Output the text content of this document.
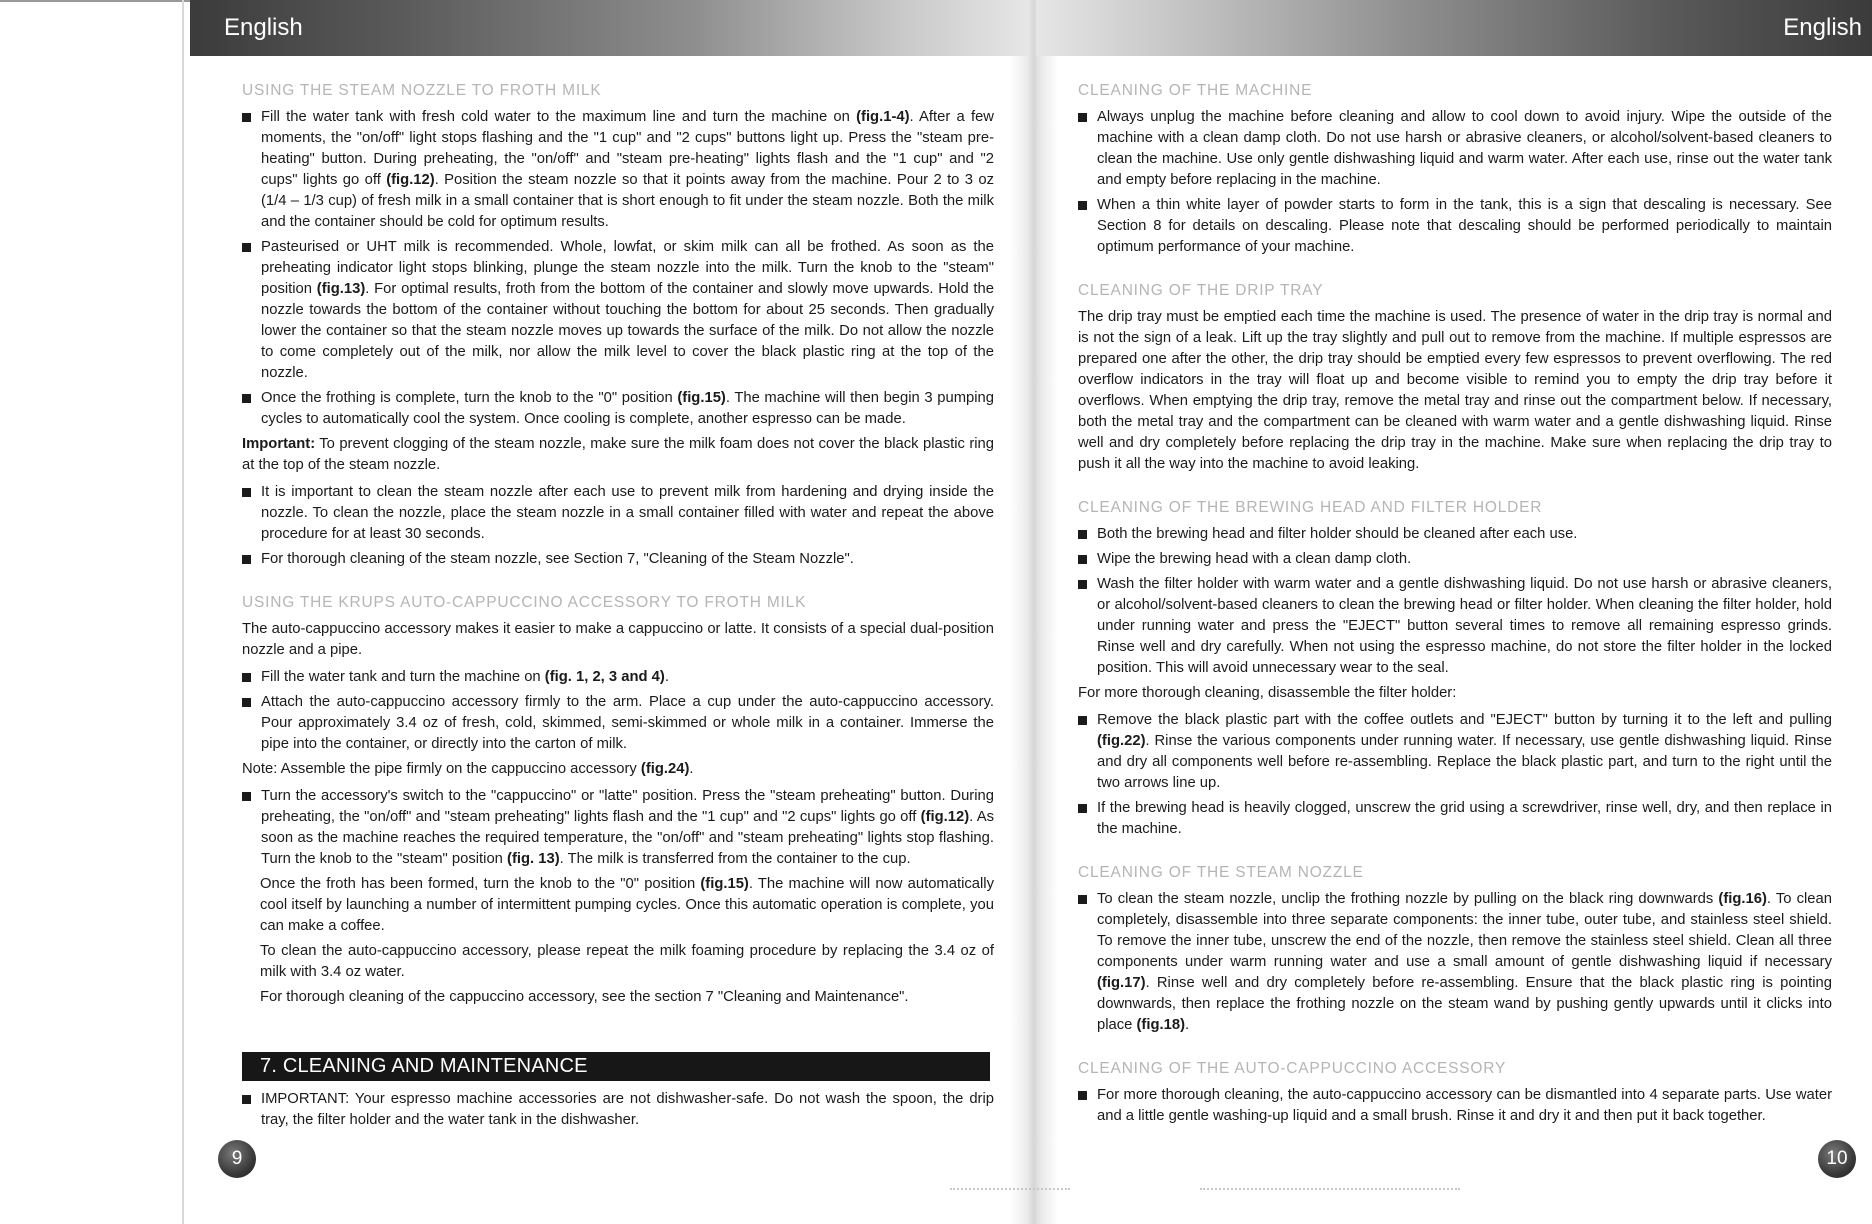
English	English
USING THE STEAM NOZZLE TO FROTH MILK
Fill the water tank with fresh cold water to the maximum line and turn the machine on (fig.1-4). After a few moments, the "on/off" light stops flashing and the "1 cup" and "2 cups" buttons light up. Press the "steam pre-heating" button. During preheating, the "on/off" and "steam pre-heating" lights flash and the "1 cup" and "2 cups" lights go off (fig.12). Position the steam nozzle so that it points away from the machine. Pour 2 to 3 oz (1/4 – 1/3 cup) of fresh milk in a small container that is short enough to fit under the steam nozzle. Both the milk and the container should be cold for optimum results.
Pasteurised or UHT milk is recommended. Whole, lowfat, or skim milk can all be frothed. As soon as the preheating indicator light stops blinking, plunge the steam nozzle into the milk. Turn the knob to the "steam" position (fig.13). For optimal results, froth from the bottom of the container and slowly move upwards. Hold the nozzle towards the bottom of the container without touching the bottom for about 25 seconds. Then gradually lower the container so that the steam nozzle moves up towards the surface of the milk. Do not allow the nozzle to come completely out of the milk, nor allow the milk level to cover the black plastic ring at the top of the nozzle.
Once the frothing is complete, turn the knob to the "0" position (fig.15). The machine will then begin 3 pumping cycles to automatically cool the system. Once cooling is complete, another espresso can be made.

Important: To prevent clogging of the steam nozzle, make sure the milk foam does not cover the black plastic ring at the top of the steam nozzle.

It is important to clean the steam nozzle after each use to prevent milk from hardening and drying inside the nozzle. To clean the nozzle, place the steam nozzle in a small container filled with water and repeat the above procedure for at least 30 seconds.
For thorough cleaning of the steam nozzle, see Section 7, "Cleaning of the Steam Nozzle".
USING THE KRUPS AUTO-CAPPUCCINO ACCESSORY TO FROTH MILK

The auto-cappuccino accessory makes it easier to make a cappuccino or latte. It consists of a special dual-position nozzle and a pipe.

Fill the water tank and turn the machine on (fig. 1, 2, 3 and 4).
Attach the auto-cappuccino accessory firmly to the arm. Place a cup under the auto-cappuccino accessory. Pour approximately 3.4 oz of fresh, cold, skimmed, semi-skimmed or whole milk in a container. Immerse the pipe into the container, or directly into the carton of milk.

Note: Assemble the pipe firmly on the cappuccino accessory (fig.24).

Turn the accessory's switch to the "cappuccino" or "latte" position. Press the "steam preheating" button. During preheating, the "on/off" and "steam preheating" lights flash and the "1 cup" and "2 cups" lights go off (fig.12). As soon as the machine reaches the required temperature, the "on/off" and "steam preheating" lights stop flashing. Turn the knob to the "steam" position (fig. 13). The milk is transferred from the container to the cup.

Once the froth has been formed, turn the knob to the "0" position (fig.15). The machine will now automatically cool itself by launching a number of intermittent pumping cycles. Once this automatic operation is complete, you can make a coffee.

To clean the auto-cappuccino accessory, please repeat the milk foaming procedure by replacing the 3.4 oz of milk with 3.4 oz water.

For thorough cleaning of the cappuccino accessory, see the section 7 "Cleaning and Maintenance".

7. CLEANING AND MAINTENANCE
IMPORTANT: Your espresso machine accessories are not dishwasher-safe. Do not wash the spoon, the drip tray, the filter holder and the water tank in the dishwasher.
9
CLEANING OF THE MACHINE
Always unplug the machine before cleaning and allow to cool down to avoid injury. Wipe the outside of the machine with a clean damp cloth. Do not use harsh or abrasive cleaners, or alcohol/solvent-based cleaners to clean the machine. Use only gentle dishwashing liquid and warm water. After each use, rinse out the water tank and empty before replacing in the machine.
When a thin white layer of powder starts to form in the tank, this is a sign that descaling is necessary. See Section 8 for details on descaling. Please note that descaling should be performed periodically to maintain optimum performance of your machine.
CLEANING OF THE DRIP TRAY

The drip tray must be emptied each time the machine is used. The presence of water in the drip tray is normal and is not the sign of a leak. Lift up the tray slightly and pull out to remove from the machine. If multiple espressos are prepared one after the other, the drip tray should be emptied every few espressos to prevent overflowing. The red overflow indicators in the tray will float up and become visible to remind you to empty the drip tray before it overflows. When emptying the drip tray, remove the metal tray and rinse out the compartment below. If necessary, both the metal tray and the compartment can be cleaned with warm water and a gentle dishwashing liquid. Rinse well and dry completely before replacing the drip tray in the machine. Make sure when replacing the drip tray to push it all the way into the machine to avoid leaking.

CLEANING OF THE BREWING HEAD AND FILTER HOLDER
Both the brewing head and filter holder should be cleaned after each use.
Wipe the brewing head with a clean damp cloth.
Wash the filter holder with warm water and a gentle dishwashing liquid. Do not use harsh or abrasive cleaners, or alcohol/solvent-based cleaners to clean the brewing head or filter holder. When cleaning the filter holder, hold under running water and press the "EJECT" button several times to remove all remaining espresso grinds. Rinse well and dry carefully. When not using the espresso machine, do not store the filter holder in the locked position. This will avoid unnecessary wear to the seal.

For more thorough cleaning, disassemble the filter holder:

Remove the black plastic part with the coffee outlets and "EJECT" button by turning it to the left and pulling (fig.22). Rinse the various components under running water. If necessary, use gentle dishwashing liquid. Rinse and dry all components well before re-assembling. Replace the black plastic part, and turn to the right until the two arrows line up.
If the brewing head is heavily clogged, unscrew the grid using a screwdriver, rinse well, dry, and then replace in the machine.
CLEANING OF THE STEAM NOZZLE
To clean the steam nozzle, unclip the frothing nozzle by pulling on the black ring downwards (fig.16). To clean completely, disassemble into three separate components: the inner tube, outer tube, and stainless steel shield. To remove the inner tube, unscrew the end of the nozzle, then remove the stainless steel shield. Clean all three components under warm running water and use a small amount of gentle dishwashing liquid if necessary (fig.17). Rinse well and dry completely before re-assembling. Ensure that the black plastic ring is pointing downwards, then replace the frothing nozzle on the steam wand by pushing gently upwards until it clicks into place (fig.18).
CLEANING OF THE AUTO-CAPPUCCINO ACCESSORY
For more thorough cleaning, the auto-cappuccino accessory can be dismantled into 4 separate parts. Use water and a little gentle washing-up liquid and a small brush. Rinse it and dry it and then put it back together.
10
